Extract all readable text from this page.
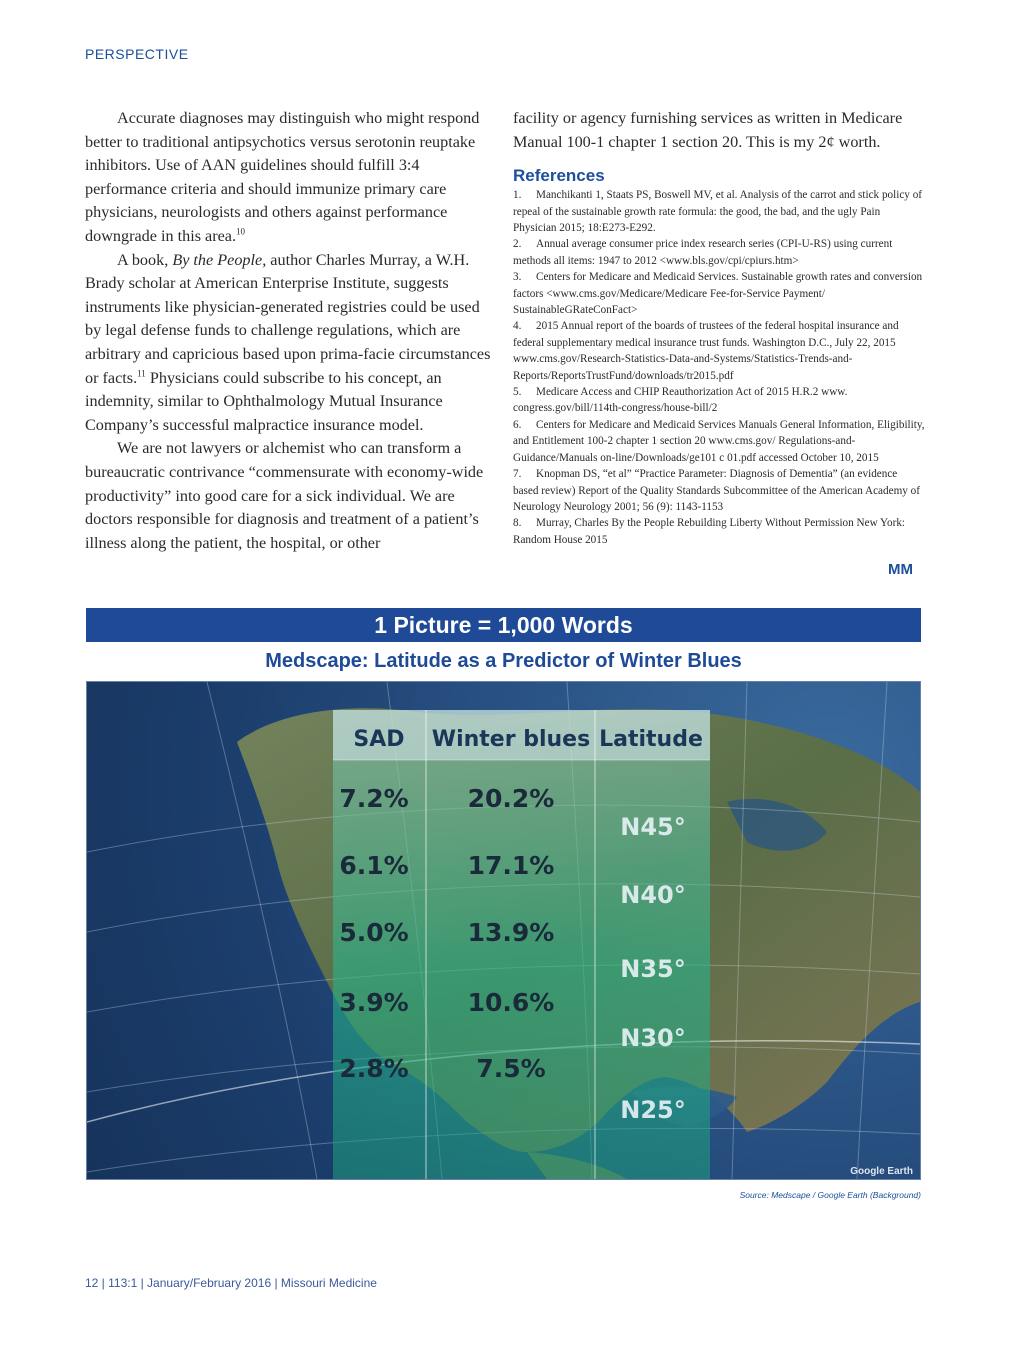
PERSPECTIVE

Accurate diagnoses may distinguish who might respond better to traditional antipsychotics versus serotonin reuptake inhibitors. Use of AAN guidelines should fulfill 3:4 performance criteria and should immunize primary care physicians, neurologists and others against performance downgrade in this area.$^{10}$

A book, By the People, author Charles Murray, a W.H. Brady scholar at American Enterprise Institute, suggests instruments like physician-generated registries could be used by legal defense funds to challenge regulations, which are arbitrary and capricious based upon prima-facie circumstances or facts.$^{11}$ Physicians could subscribe to his concept, an indemnity, similar to Ophthalmology Mutual Insurance Company’s successful malpractice insurance model.

We are not lawyers or alchemist who can transform a bureaucratic contrivance “commensurate with economy-wide productivity” into good care for a sick individual. We are doctors responsible for diagnosis and treatment of a patient’s illness along the patient, the hospital, or other

facility or agency furnishing services as written in Medicare Manual 100-1 chapter 1 section 20. This is my 2¢ worth.

References

1. Manchikanti 1, Staats PS, Boswell MV, et al. Analysis of the carrot and stick policy of repeal of the sustainable growth rate formula: the good, the bad, and the ugly Pain Physician 2015; 18:E273-E292.

2. Annual average consumer price index research series (CPI-U-RS) using current methods all items: 1947 to 2012 <www.bls.gov/cpi/cpiurs.htm>

3. Centers for Medicare and Medicaid Services. Sustainable growth rates and conversion factors <www.cms.gov/Medicare/Medicare Fee-for-Service Payment/ SustainableGRateConFact>

4. 2015 Annual report of the boards of trustees of the federal hospital insurance and federal supplementary medical insurance trust funds. Washington D.C., July 22, 2015 www.cms.gov/Research-Statistics-Data-and-Systems/Statistics-Trends-and-Reports/ReportsTrustFund/downloads/tr2015.pdf

5. Medicare Access and CHIP Reauthorization Act of 2015 H.R.2 www. congress.gov/bill/114th-congress/house-bill/2

6. Centers for Medicare and Medicaid Services Manuals General Information, Eligibility, and Entitlement 100-2 chapter 1 section 20 www.cms.gov/ Regulations-and-Guidance/Manuals on-line/Downloads/ge101 c 01.pdf accessed October 10, 2015

7. Knopman DS, “et al” “Practice Parameter: Diagnosis of Dementia” (an evidence based review) Report of the Quality Standards Subcommittee of the American Academy of Neurology Neurology 2001; 56 (9): 1143-1153

8. Murray, Charles By the People Rebuilding Liberty Without Permission New York: Random House 2015

MM
1 Picture = 1,000 Words
Medscape: Latitude as a Predictor of Winter Blues
SAD Winter blues Latitude
7.2% 20.2%
N45°
6.1% 17.1%
N40°
5.0% 13.9%
N35°
3.9% 10.6%
N30°
2.8%	7.5%
N25°
Google Earth
Source: Medscape / Google Earth (Background)
12 | 113:1 | January/February 2016 | Missouri Medicine
